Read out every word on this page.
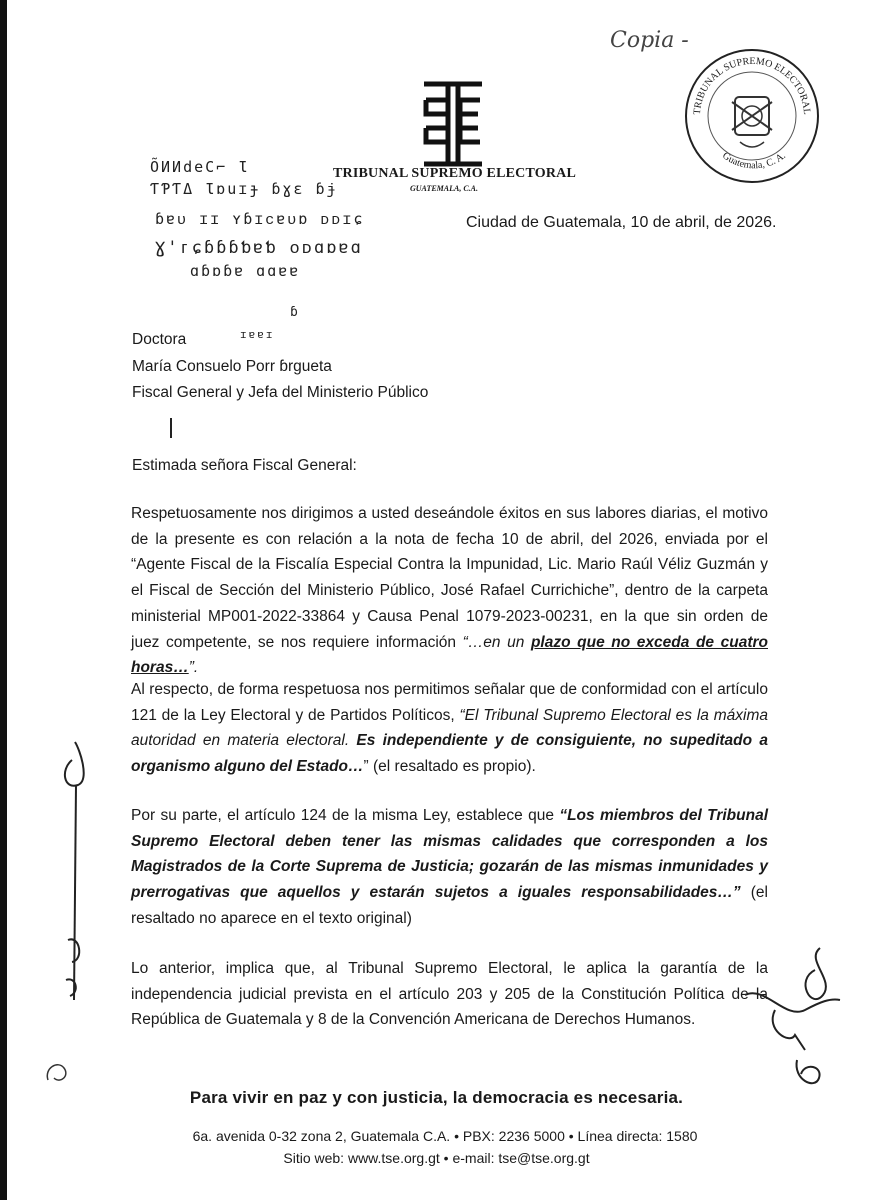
Copia -
TRIBUNAL SUPREMO ELECTORAL
GUATEMALA, C.A.
ÕИИdeC⌐ Ɩ
ƬƤƬΔ Ɩɒuɪɟ ɓɣɛ ɓɉ
ɓɐᴜ ɪɪ ʏɓɪᴄɐᴜɒ ᴅᴅɪɕ
Ɣ'ᴦɕɓɓɓƅɐƅ ᴏᴅɑɒɐɑ
ɑɓɒɓɐ ɑɑɐɐ
ɪɐɐɪ
ɓ
Ciudad de Guatemala, 10 de abril, de 2026.
TRIBUNAL SUPREMO ELECTORAL
Guatemala, C. A.
Doctora
María Consuelo Porr ɓrgueta
Fiscal General y Jefa del Ministerio Público
Estimada señora Fiscal General:

Respetuosamente nos dirigimos a usted deseándole éxitos en sus labores diarias, el motivo de la presente es con relación a la nota de fecha 10 de abril, del 2026, enviada por el “Agente Fiscal de la Fiscalía Especial Contra la Impunidad, Lic. Mario Raúl Véliz Guzmán y el Fiscal de Sección del Ministerio Público, José Rafael Currichiche”, dentro de la carpeta ministerial MP001-2022-33864 y Causa Penal 1079-2023-00231, en la que sin orden de juez competente, se nos requiere información “…en un plazo que no exceda de cuatro horas…”.

Al respecto, de forma respetuosa nos permitimos señalar que de conformidad con el artículo 121 de la Ley Electoral y de Partidos Políticos, “El Tribunal Supremo Electoral es la máxima autoridad en materia electoral. Es independiente y de consiguiente, no supeditado a organismo alguno del Estado…” (el resaltado es propio).

Por su parte, el artículo 124 de la misma Ley, establece que “Los miembros del Tribunal Supremo Electoral deben tener las mismas calidades que corresponden a los Magistrados de la Corte Suprema de Justicia; gozarán de las mismas inmunidades y prerrogativas que aquellos y estarán sujetos a iguales responsabilidades…” (el resaltado no aparece en el texto original)

Lo anterior, implica que, al Tribunal Supremo Electoral, le aplica la garantía de la independencia judicial prevista en el artículo 203 y 205 de la Constitución Política de la República de Guatemala y 8 de la Convención Americana de Derechos Humanos.

Para vivir en paz y con justicia, la democracia es necesaria.
6a. avenida 0-32 zona 2, Guatemala C.A. • PBX: 2236 5000 • Línea directa: 1580
Sitio web: www.tse.org.gt • e-mail: tse@tse.org.gt
